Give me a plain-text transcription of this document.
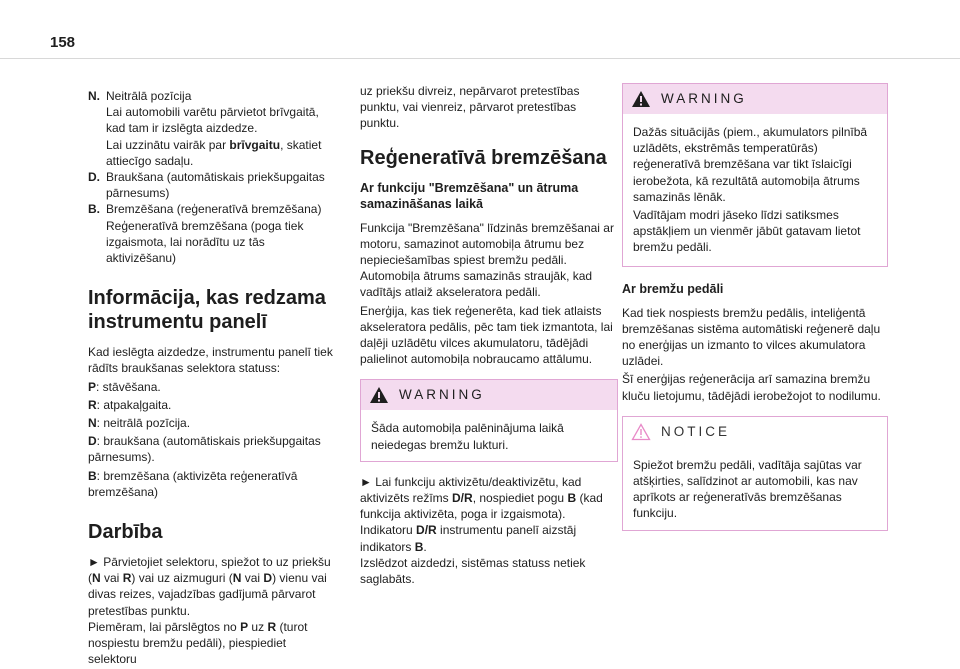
158
N. Neitrālā pozīcija
Lai automobili varētu pārvietot brīvgaitā, kad tam ir izslēgta aizdedze.
Lai uzzinātu vairāk par brīvgaitu, skatiet attiecīgo sadaļu.
D. Braukšana (automātiskais priekšupgaitas pārnesums)
B. Bremzēšana (reģeneratīvā bremzēšana) Reģeneratīvā bremzēšana (poga tiek izgaismota, lai norādītu uz tās aktivizēšanu)
Informācija, kas redzama instrumentu panelī

Kad ieslēgta aizdedze, instrumentu panelī tiek rādīts braukšanas selektora statuss:

P: stāvēšana.

R: atpakaļgaita.

N: neitrālā pozīcija.

D: braukšana (automātiskais priekšupgaitas pārnesums).

B: bremzēšana (aktivizēta reģeneratīvā bremzēšana)

Darbība

► Pārvietojiet selektoru, spiežot to uz priekšu (N vai R) vai uz aizmuguri (N vai D) vienu vai divas reizes, vajadzības gadījumā pārvarot pretestības punktu.
Piemēram, lai pārslēgtos no P uz R (turot nospiestu bremžu pedāli), piespiediet selektoru

uz priekšu divreiz, nepārvarot pretestības punktu, vai vienreiz, pārvarot pretestības punktu.

Reģeneratīvā bremzēšana
Ar funkciju "Bremzēšana" un ātruma samazināšanas laikā

Funkcija "Bremzēšana" līdzinās bremzēšanai ar motoru, samazinot automobiļa ātrumu bez nepieciešamības spiest bremžu pedāli. Automobiļa ātrums samazinās straujāk, kad vadītājs atlaiž akseleratora pedāli.

Enerģija, kas tiek reģenerēta, kad tiek atlaists akseleratora pedālis, pēc tam tiek izmantota, lai daļēji uzlādētu vilces akumulatoru, tādējādi palielinot automobiļa nobraucamo attālumu.

WARNING
Šāda automobiļa palēninājuma laikā neiedegas bremžu lukturi.

► Lai funkciju aktivizētu/deaktivizētu, kad aktivizēts režīms D/R, nospiediet pogu B (kad funkcija aktivizēta, poga ir izgaismota).
Indikatoru D/R instrumentu panelī aizstāj indikators B.
Izslēdzot aizdedzi, sistēmas statuss netiek saglabāts.

WARNING

Dažās situācijās (piem., akumulators pilnībā uzlādēts, ekstrēmās temperatūrās) reģeneratīvā bremzēšana var tikt īslaicīgi ierobežota, kā rezultātā automobiļa ātrums samazinās lēnāk.

Vadītājam modri jāseko līdzi satiksmes apstākļiem un vienmēr jābūt gatavam lietot bremžu pedāli.

Ar bremžu pedāli

Kad tiek nospiests bremžu pedālis, inteliģentā bremzēšanas sistēma automātiski reģenerē daļu no enerģijas un izmanto to vilces akumulatora uzlādei.

Šī enerģijas reģenerācija arī samazina bremžu kluču lietojumu, tādējādi ierobežojot to nodilumu.

NOTICE
Spiežot bremžu pedāli, vadītāja sajūtas var atšķirties, salīdzinot ar automobili, kas nav aprīkots ar reģeneratīvās bremzēšanas funkciju.
